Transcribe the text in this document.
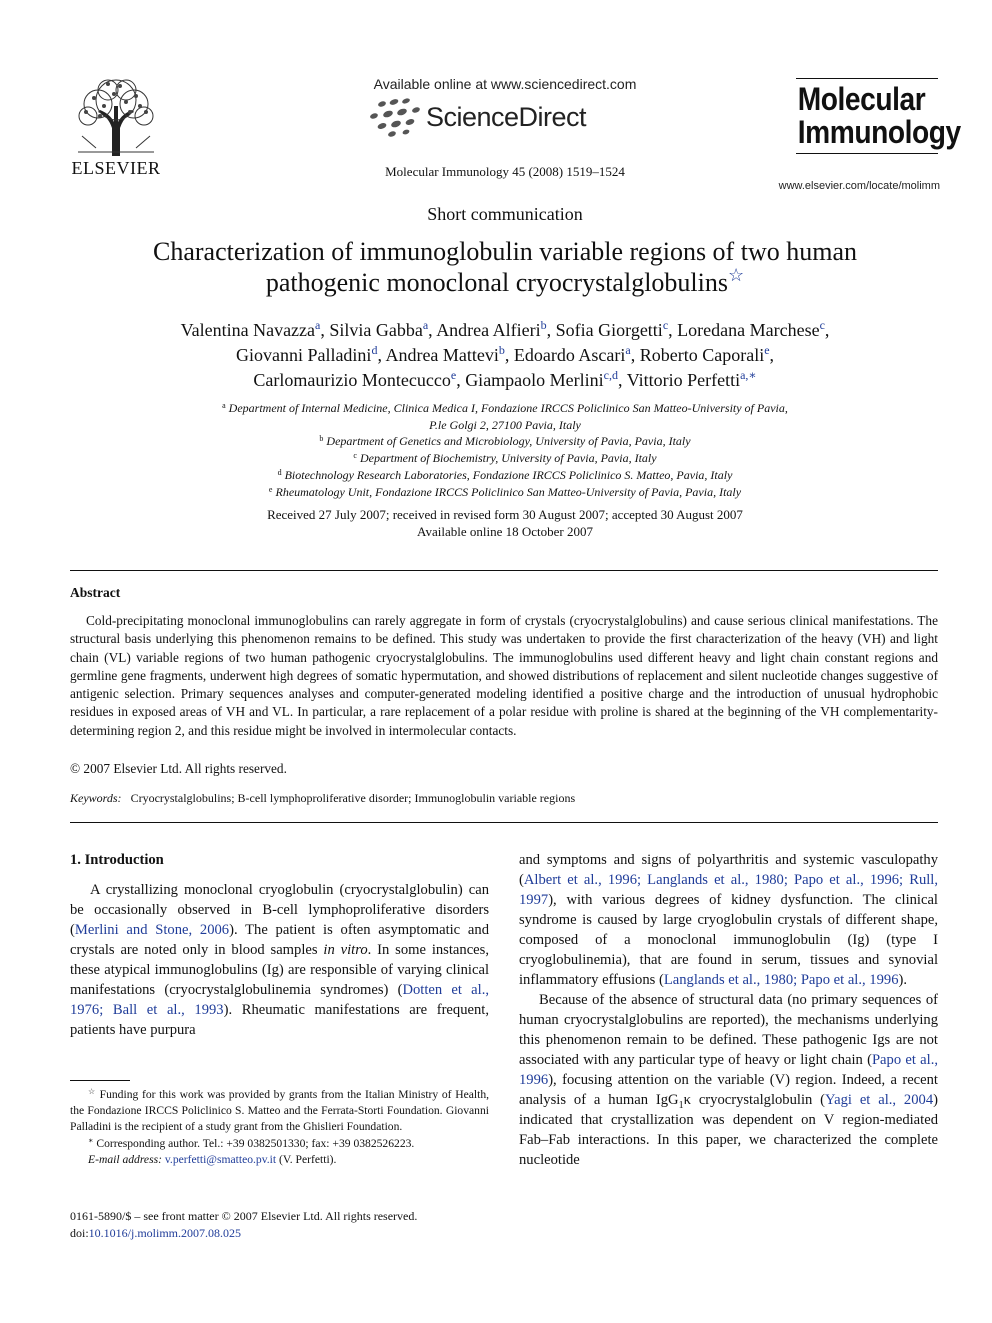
ELSEVIER
Available online at www.sciencedirect.com
ScienceDirect
Molecular Immunology 45 (2008) 1519–1524
Molecular
Immunology
www.elsevier.com/locate/molimm
Short communication
Characterization of immunoglobulin variable regions of two human
pathogenic monoclonal cryocrystalglobulins☆
Valentina Navazza$^a$, Silvia Gabba$^a$, Andrea Alfieri$^b$, Sofia Giorgetti$^c$, Loredana Marchese$^c$,
Giovanni Palladini$^d$, Andrea Mattevi$^b$, Edoardo Ascari$^a$, Roberto Caporali$^e$,
Carlomaurizio Montecucco$^e$, Giampaolo Merlini$^{c,d}$, Vittorio Perfetti$^{a,∗}$
$^a$ Department of Internal Medicine, Clinica Medica I, Fondazione IRCCS Policlinico San Matteo-University of Pavia,
P.le Golgi 2, 27100 Pavia, Italy
$^b$ Department of Genetics and Microbiology, University of Pavia, Pavia, Italy
$^c$ Department of Biochemistry, University of Pavia, Pavia, Italy
$^d$ Biotechnology Research Laboratories, Fondazione IRCCS Policlinico S. Matteo, Pavia, Italy
$^e$ Rheumatology Unit, Fondazione IRCCS Policlinico San Matteo-University of Pavia, Pavia, Italy
Received 27 July 2007; received in revised form 30 August 2007; accepted 30 August 2007
Available online 18 October 2007
Abstract
Cold-precipitating monoclonal immunoglobulins can rarely aggregate in form of crystals (cryocrystalglobulins) and cause serious clinical manifestations. The structural basis underlying this phenomenon remains to be defined. This study was undertaken to provide the first characterization of the heavy (VH) and light chain (VL) variable regions of two human pathogenic cryocrystalglobulins. The immunoglobulins used different heavy and light chain constant regions and germline gene fragments, underwent high degrees of somatic hypermutation, and showed distributions of replacement and silent nucleotide changes suggestive of antigenic selection. Primary sequences analyses and computer-generated modeling identified a positive charge and the introduction of unusual hydrophobic residues in exposed areas of VH and VL. In particular, a rare replacement of a polar residue with proline is shared at the beginning of the VH complementarity-determining region 2, and this residue might be involved in intermolecular contacts.
© 2007 Elsevier Ltd. All rights reserved.
Keywords: Cryocrystalglobulins; B-cell lymphoproliferative disorder; Immunoglobulin variable regions
1. Introduction

A crystallizing monoclonal cryoglobulin (cryocrystalglobulin) can be occasionally observed in B-cell lymphoproliferative disorders (Merlini and Stone, 2006). The patient is often asymptomatic and crystals are noted only in blood samples in vitro. In some instances, these atypical immunoglobulins (Ig) are responsible of varying clinical manifestations (cryocrystalglobulinemia syndromes) (Dotten et al., 1976; Ball et al., 1993). Rheumatic manifestations are frequent, patients have purpura

and symptoms and signs of polyarthritis and systemic vasculopathy (Albert et al., 1996; Langlands et al., 1980; Papo et al., 1996; Rull, 1997), with various degrees of kidney dysfunction. The clinical syndrome is caused by large cryoglobulin crystals of different shape, composed of a monoclonal immunoglobulin (Ig) (type I cryoglobulinemia), that are found in serum, tissues and synovial inflammatory effusions (Langlands et al., 1980; Papo et al., 1996).

Because of the absence of structural data (no primary sequences of human cryocrystalglobulins are reported), the mechanisms underlying this phenomenon remain to be defined. These pathogenic Igs are not associated with any particular type of heavy or light chain (Papo et al., 1996), focusing attention on the variable (V) region. Indeed, a recent analysis of a human IgG$_1$κ cryocrystalglobulin (Yagi et al., 2004) indicated that crystallization was dependent on V region-mediated Fab–Fab interactions. In this paper, we characterized the complete nucleotide

☆ Funding for this work was provided by grants from the Italian Ministry of Health, the Fondazione IRCCS Policlinico S. Matteo and the Ferrata-Storti Foundation. Giovanni Palladini is the recipient of a study grant from the Ghislieri Foundation.

∗ Corresponding author. Tel.: +39 0382501330; fax: +39 0382526223.

E-mail address: v.perfetti@smatteo.pv.it (V. Perfetti).

0161-5890/$ – see front matter © 2007 Elsevier Ltd. All rights reserved.
doi:10.1016/j.molimm.2007.08.025
